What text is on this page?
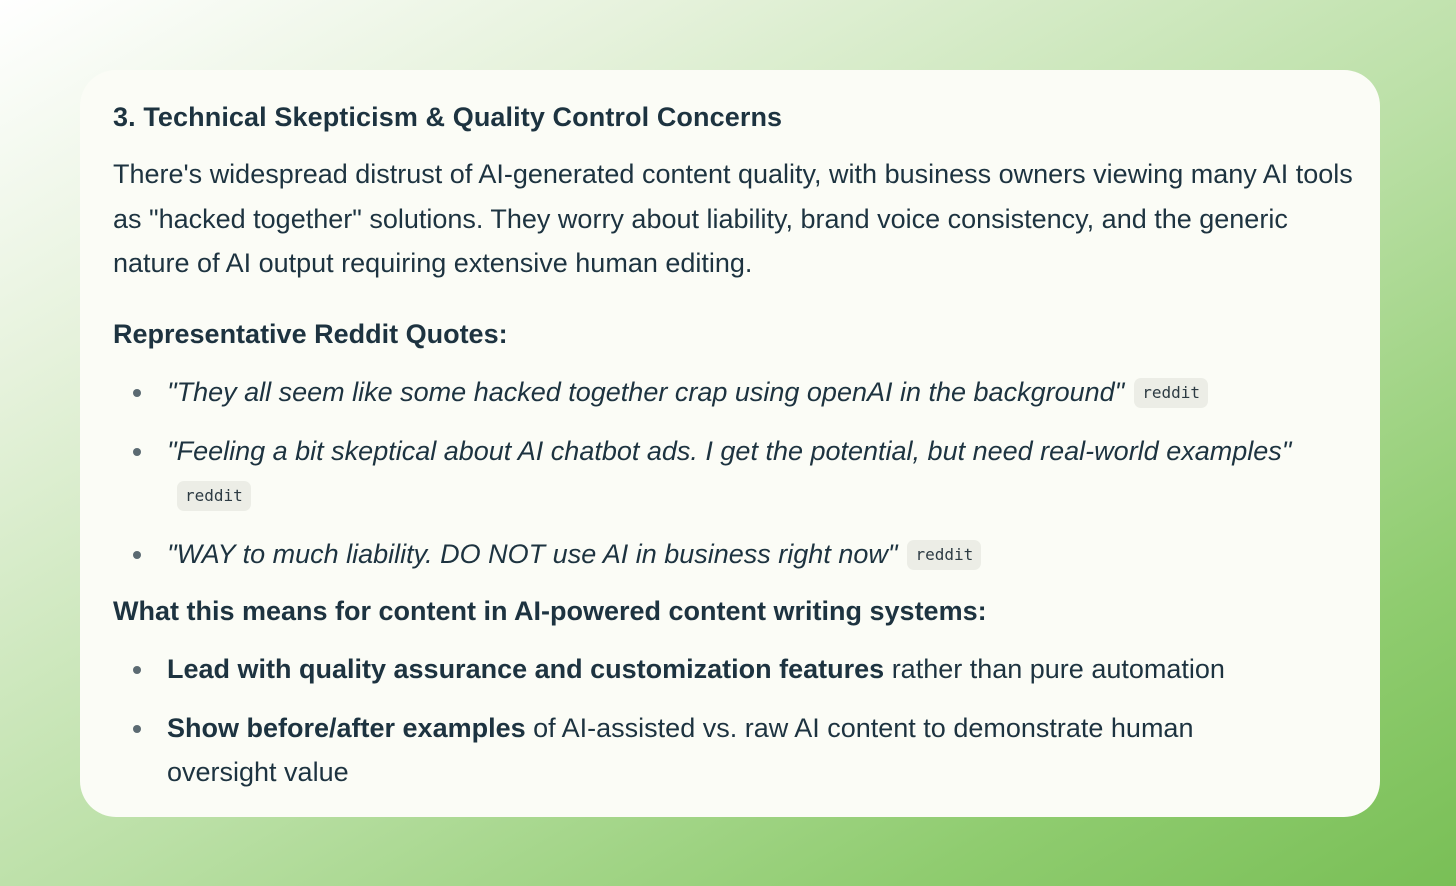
3. Technical Skepticism & Quality Control Concerns

There's widespread distrust of AI-generated content quality, with business owners viewing many AI tools as "hacked together" solutions. They worry about liability, brand voice consistency, and the generic nature of AI output requiring extensive human editing.

Representative Reddit Quotes:
"They all seem like some hacked together crap using openAI in the background" reddit
"Feeling a bit skeptical about AI chatbot ads. I get the potential, but need real-world examples"reddit
"WAY to much liability. DO NOT use AI in business right now" reddit
What this means for content in AI-powered content writing systems:
Lead with quality assurance and customization features rather than pure automation
Show before/after examples of AI-assisted vs. raw AI content to demonstrate human oversight value
